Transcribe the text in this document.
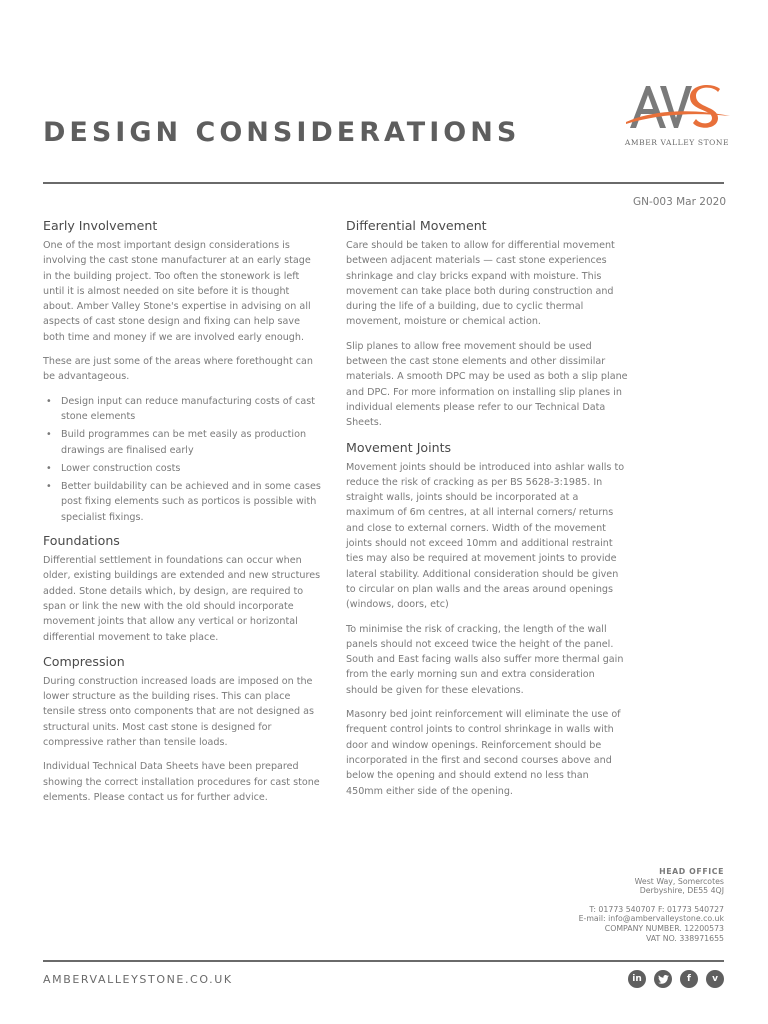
DESIGN CONSIDERATIONS	AMBER VALLEY STONE
GN-003 Mar 2020
Early Involvement

One of the most important design considerations is involving the cast stone manufacturer at an early stage in the building project. Too often the stonework is left until it is almost needed on site before it is thought about. Amber Valley Stone's expertise in advising on all aspects of cast stone design and fixing can help save both time and money if we are involved early enough.

These are just some of the areas where forethought can be advantageous.

• Design input can reduce manufacturing costs of cast stone elements
• Build programmes can be met easily as production drawings are finalised early
• Lower construction costs
• Better buildability can be achieved and in some cases post fixing elements such as porticos is possible with specialist fixings.
Foundations

Differential settlement in foundations can occur when older, existing buildings are extended and new structures added. Stone details which, by design, are required to span or link the new with the old should incorporate movement joints that allow any vertical or horizontal differential movement to take place.

Compression

During construction increased loads are imposed on the lower structure as the building rises. This can place tensile stress onto components that are not designed as structural units. Most cast stone is designed for compressive rather than tensile loads.

Individual Technical Data Sheets have been prepared showing the correct installation procedures for cast stone elements. Please contact us for further advice.

Differential Movement

Care should be taken to allow for differential movement between adjacent materials — cast stone experiences shrinkage and clay bricks expand with moisture. This movement can take place both during construction and during the life of a building, due to cyclic thermal movement, moisture or chemical action.

Slip planes to allow free movement should be used between the cast stone elements and other dissimilar materials. A smooth DPC may be used as both a slip plane and DPC. For more information on installing slip planes in individual elements please refer to our Technical Data Sheets.

Movement Joints

Movement joints should be introduced into ashlar walls to reduce the risk of cracking as per BS 5628-3:1985. In straight walls, joints should be incorporated at a maximum of 6m centres, at all internal corners/ returns and close to external corners. Width of the movement joints should not exceed 10mm and additional restraint ties may also be required at movement joints to provide lateral stability. Additional consideration should be given to circular on plan walls and the areas around openings (windows, doors, etc)

To minimise the risk of cracking, the length of the wall panels should not exceed twice the height of the panel. South and East facing walls also suffer more thermal gain from the early morning sun and extra consideration should be given for these elevations.

Masonry bed joint reinforcement will eliminate the use of frequent control joints to control shrinkage in walls with door and window openings. Reinforcement should be incorporated in the first and second courses above and below the opening and should extend no less than 450mm either side of the opening.

HEAD OFFICE
West Way, Somercotes
Derbyshire, DE55 4QJ
T: 01773 540707 F: 01773 540727
E-mail: info@ambervalleystone.co.uk
COMPANY NUMBER. 12200573
VAT NO. 338971655
AMBERVALLEYSTONE.CO.UK	in	f	v
